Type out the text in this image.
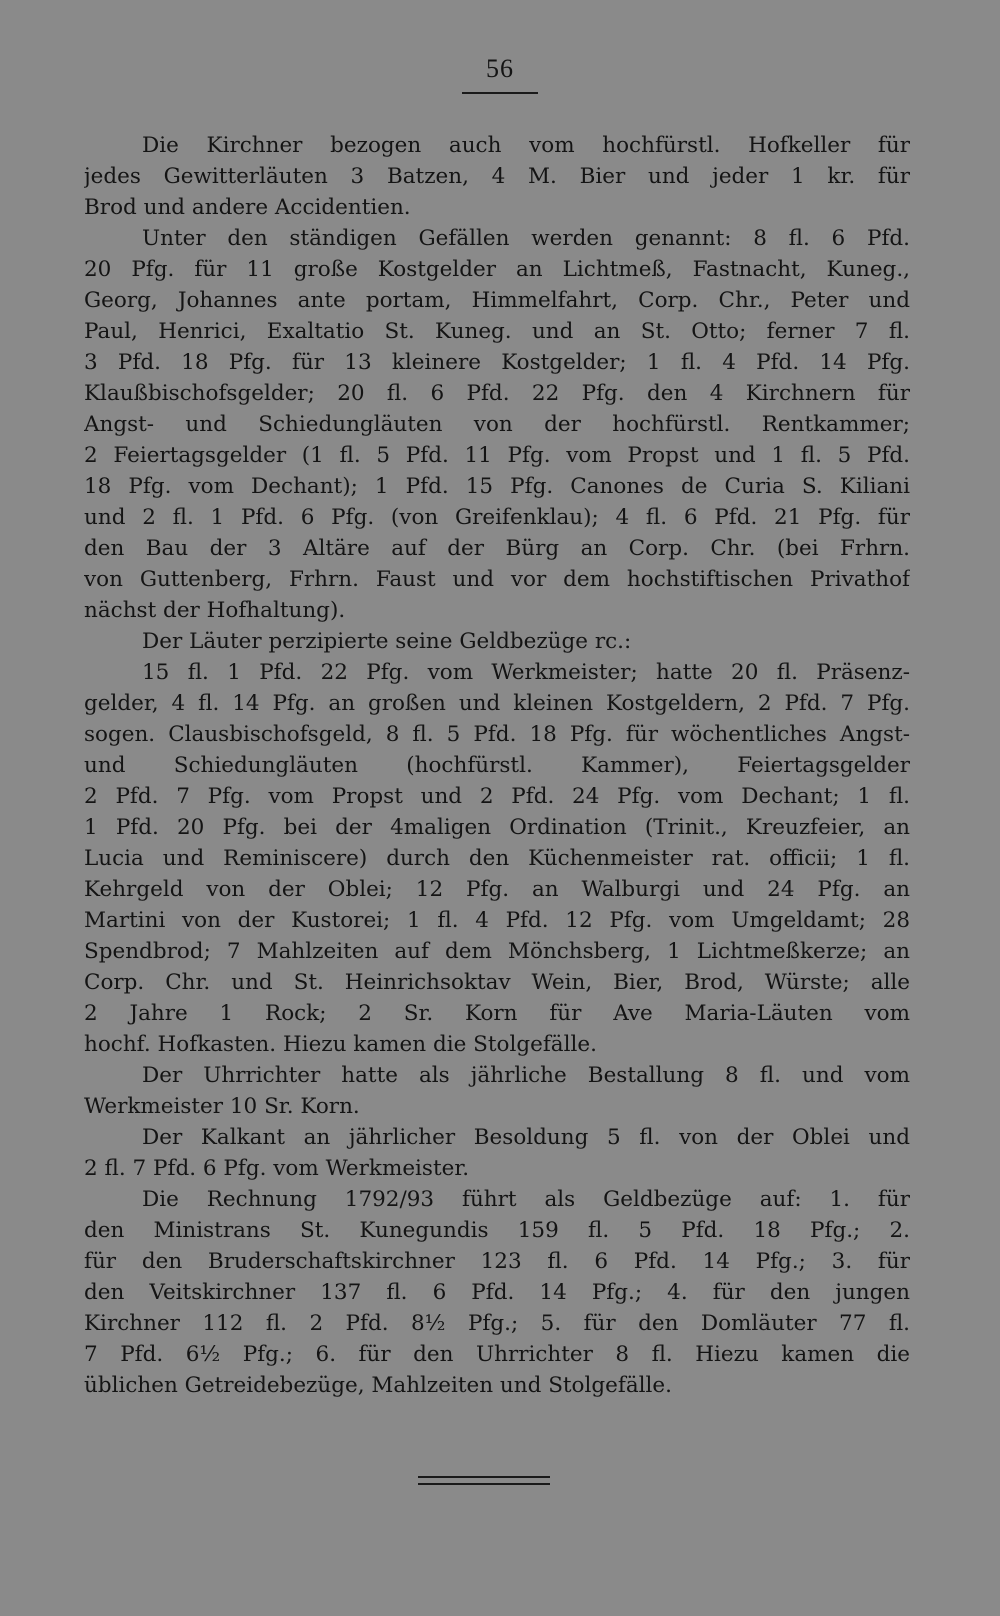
56
Die Kirchner bezogen auch vom hochfürstl. Hofkeller für
jedes Gewitterläuten 3 Batzen, 4 M. Bier und jeder 1 kr. für
Brod und andere Accidentien.
Unter den ständigen Gefällen werden genannt: 8 fl. 6 Pfd.
20 Pfg. für 11 große Kostgelder an Lichtmeß, Fastnacht, Kuneg.,
Georg, Johannes ante portam, Himmelfahrt, Corp. Chr., Peter und
Paul, Henrici, Exaltatio St. Kuneg. und an St. Otto; ferner 7 fl.
3 Pfd. 18 Pfg. für 13 kleinere Kostgelder; 1 fl. 4 Pfd. 14 Pfg.
Klaußbischofsgelder; 20 fl. 6 Pfd. 22 Pfg. den 4 Kirchnern für
Angst- und Schiedungläuten von der hochfürstl. Rentkammer;
2 Feiertagsgelder (1 fl. 5 Pfd. 11 Pfg. vom Propst und 1 fl. 5 Pfd.
18 Pfg. vom Dechant); 1 Pfd. 15 Pfg. Canones de Curia S. Kiliani
und 2 fl. 1 Pfd. 6 Pfg. (von Greifenklau); 4 fl. 6 Pfd. 21 Pfg. für
den Bau der 3 Altäre auf der Bürg an Corp. Chr. (bei Frhrn.
von Guttenberg, Frhrn. Faust und vor dem hochstiftischen Privathof
nächst der Hofhaltung).
Der Läuter perzipierte seine Geldbezüge rc.:
15 fl. 1 Pfd. 22 Pfg. vom Werkmeister; hatte 20 fl. Präsenz-
gelder, 4 fl. 14 Pfg. an großen und kleinen Kostgeldern, 2 Pfd. 7 Pfg.
sogen. Clausbischofsgeld, 8 fl. 5 Pfd. 18 Pfg. für wöchentliches Angst-
und Schiedungläuten (hochfürstl. Kammer), Feiertagsgelder
2 Pfd. 7 Pfg. vom Propst und 2 Pfd. 24 Pfg. vom Dechant; 1 fl.
1 Pfd. 20 Pfg. bei der 4maligen Ordination (Trinit., Kreuzfeier, an
Lucia und Reminiscere) durch den Küchenmeister rat. officii; 1 fl.
Kehrgeld von der Oblei; 12 Pfg. an Walburgi und 24 Pfg. an
Martini von der Kustorei; 1 fl. 4 Pfd. 12 Pfg. vom Umgeldamt; 28
Spendbrod; 7 Mahlzeiten auf dem Mönchsberg, 1 Lichtmeßkerze; an
Corp. Chr. und St. Heinrichsoktav Wein, Bier, Brod, Würste; alle
2 Jahre 1 Rock; 2 Sr. Korn für Ave Maria-Läuten vom
hochf. Hofkasten. Hiezu kamen die Stolgefälle.
Der Uhrrichter hatte als jährliche Bestallung 8 fl. und vom
Werkmeister 10 Sr. Korn.
Der Kalkant an jährlicher Besoldung 5 fl. von der Oblei und
2 fl. 7 Pfd. 6 Pfg. vom Werkmeister.
Die Rechnung 1792/93 führt als Geldbezüge auf: 1. für
den Ministrans St. Kunegundis 159 fl. 5 Pfd. 18 Pfg.; 2.
für den Bruderschaftskirchner 123 fl. 6 Pfd. 14 Pfg.; 3. für
den Veitskirchner 137 fl. 6 Pfd. 14 Pfg.; 4. für den jungen
Kirchner 112 fl. 2 Pfd. 8½ Pfg.; 5. für den Domläuter 77 fl.
7 Pfd. 6½ Pfg.; 6. für den Uhrrichter 8 fl. Hiezu kamen die
üblichen Getreidebezüge, Mahlzeiten und Stolgefälle.
